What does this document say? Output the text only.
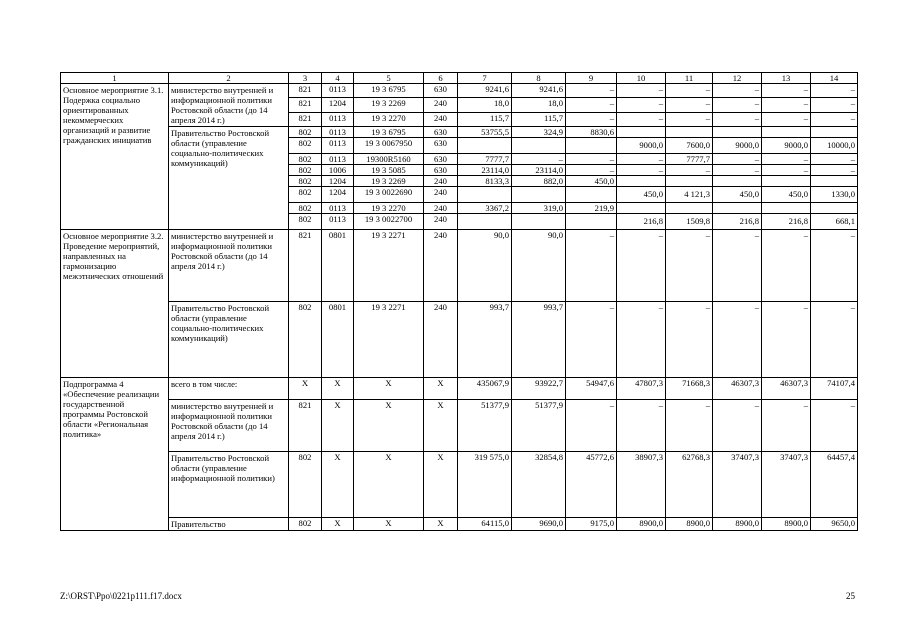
1	2	3	4	5	6	7	8	9	10	11	12	13	14
Основное мероприятие 3.1. Подержка социально ориентированных некоммерческих организаций и развитие гражданских инициатив	министерство внутренней и информационной политики Ростовской области (до 14 апреля 2014 г.)	821	0113	19 3 6795	630	9241,6	9241,6	–	–	–	–	–	–
		821	1204	19 3 2269	240	18,0	18,0	–	–	–	–	–	–
		821	0113	19 3 2270	240	115,7	115,7	–	–	–	–	–	–
	Правительство Ростовской области (управление социально-политических коммуникаций)	802	0113	19 3 6795	630	53755,5	324,9	8830,6					
		802	0113	19 3 0067950	630				9000,0	7600,0	9000,0	9000,0	10000,0
		802	0113	19300R5160	630	7777,7	–	–	–	7777,7	–	–	–
		802	1006	19 3 5085	630	23114,0	23114,0	–	–	–	–	–	–
		802	1204	19 3 2269	240	8133,3	882,0	450,0					
		802	1204	19 3 0022690	240				450,0	4 121,3	450,0	450,0	1330,0
		802	0113	19 3 2270	240	3367,2	319,0	219,9					
		802	0113	19 3 0022700	240				216,8	1509,8	216,8	216,8	668,1
Основное мероприятие 3.2. Проведение мероприятий, направленных на гармонизацию межэтнических отношений	министерство внутренней и информационной политики Ростовской области (до 14 апреля 2014 г.)	821	0801	19 3 2271	240	90,0	90,0	–	–	–	–	–	–
	Правительство Ростовской области (управление социально-политических коммуникаций)	802	0801	19 3 2271	240	993,7	993,7	–	–	–	–	–	–
Подпрограмма 4 «Обеспечение реализации государственной программы Ростовской области «Региональная политика»	всего в том числе:	Х	Х	Х	Х	435067,9	93922,7	54947,6	47807,3	71668,3	46307,3	46307,3	74107,4
	министерство внутренней и информационной политики Ростовской области (до 14 апреля 2014 г.)	821	Х	Х	Х	51377,9	51377,9	–	–	–	–	–	–
	Правительство Ростовской области (управление информационной политики)	802	Х	Х	Х	319 575,0	32854,8	45772,6	38907,3	62768,3	37407,3	37407,3	64457,4
	Правительство	802	Х	Х	Х	64115,0	9690,0	9175,0	8900,0	8900,0	8900,0	8900,0	9650,0
Z:\ORST\Ppo\0221p111.f17.docx	25
